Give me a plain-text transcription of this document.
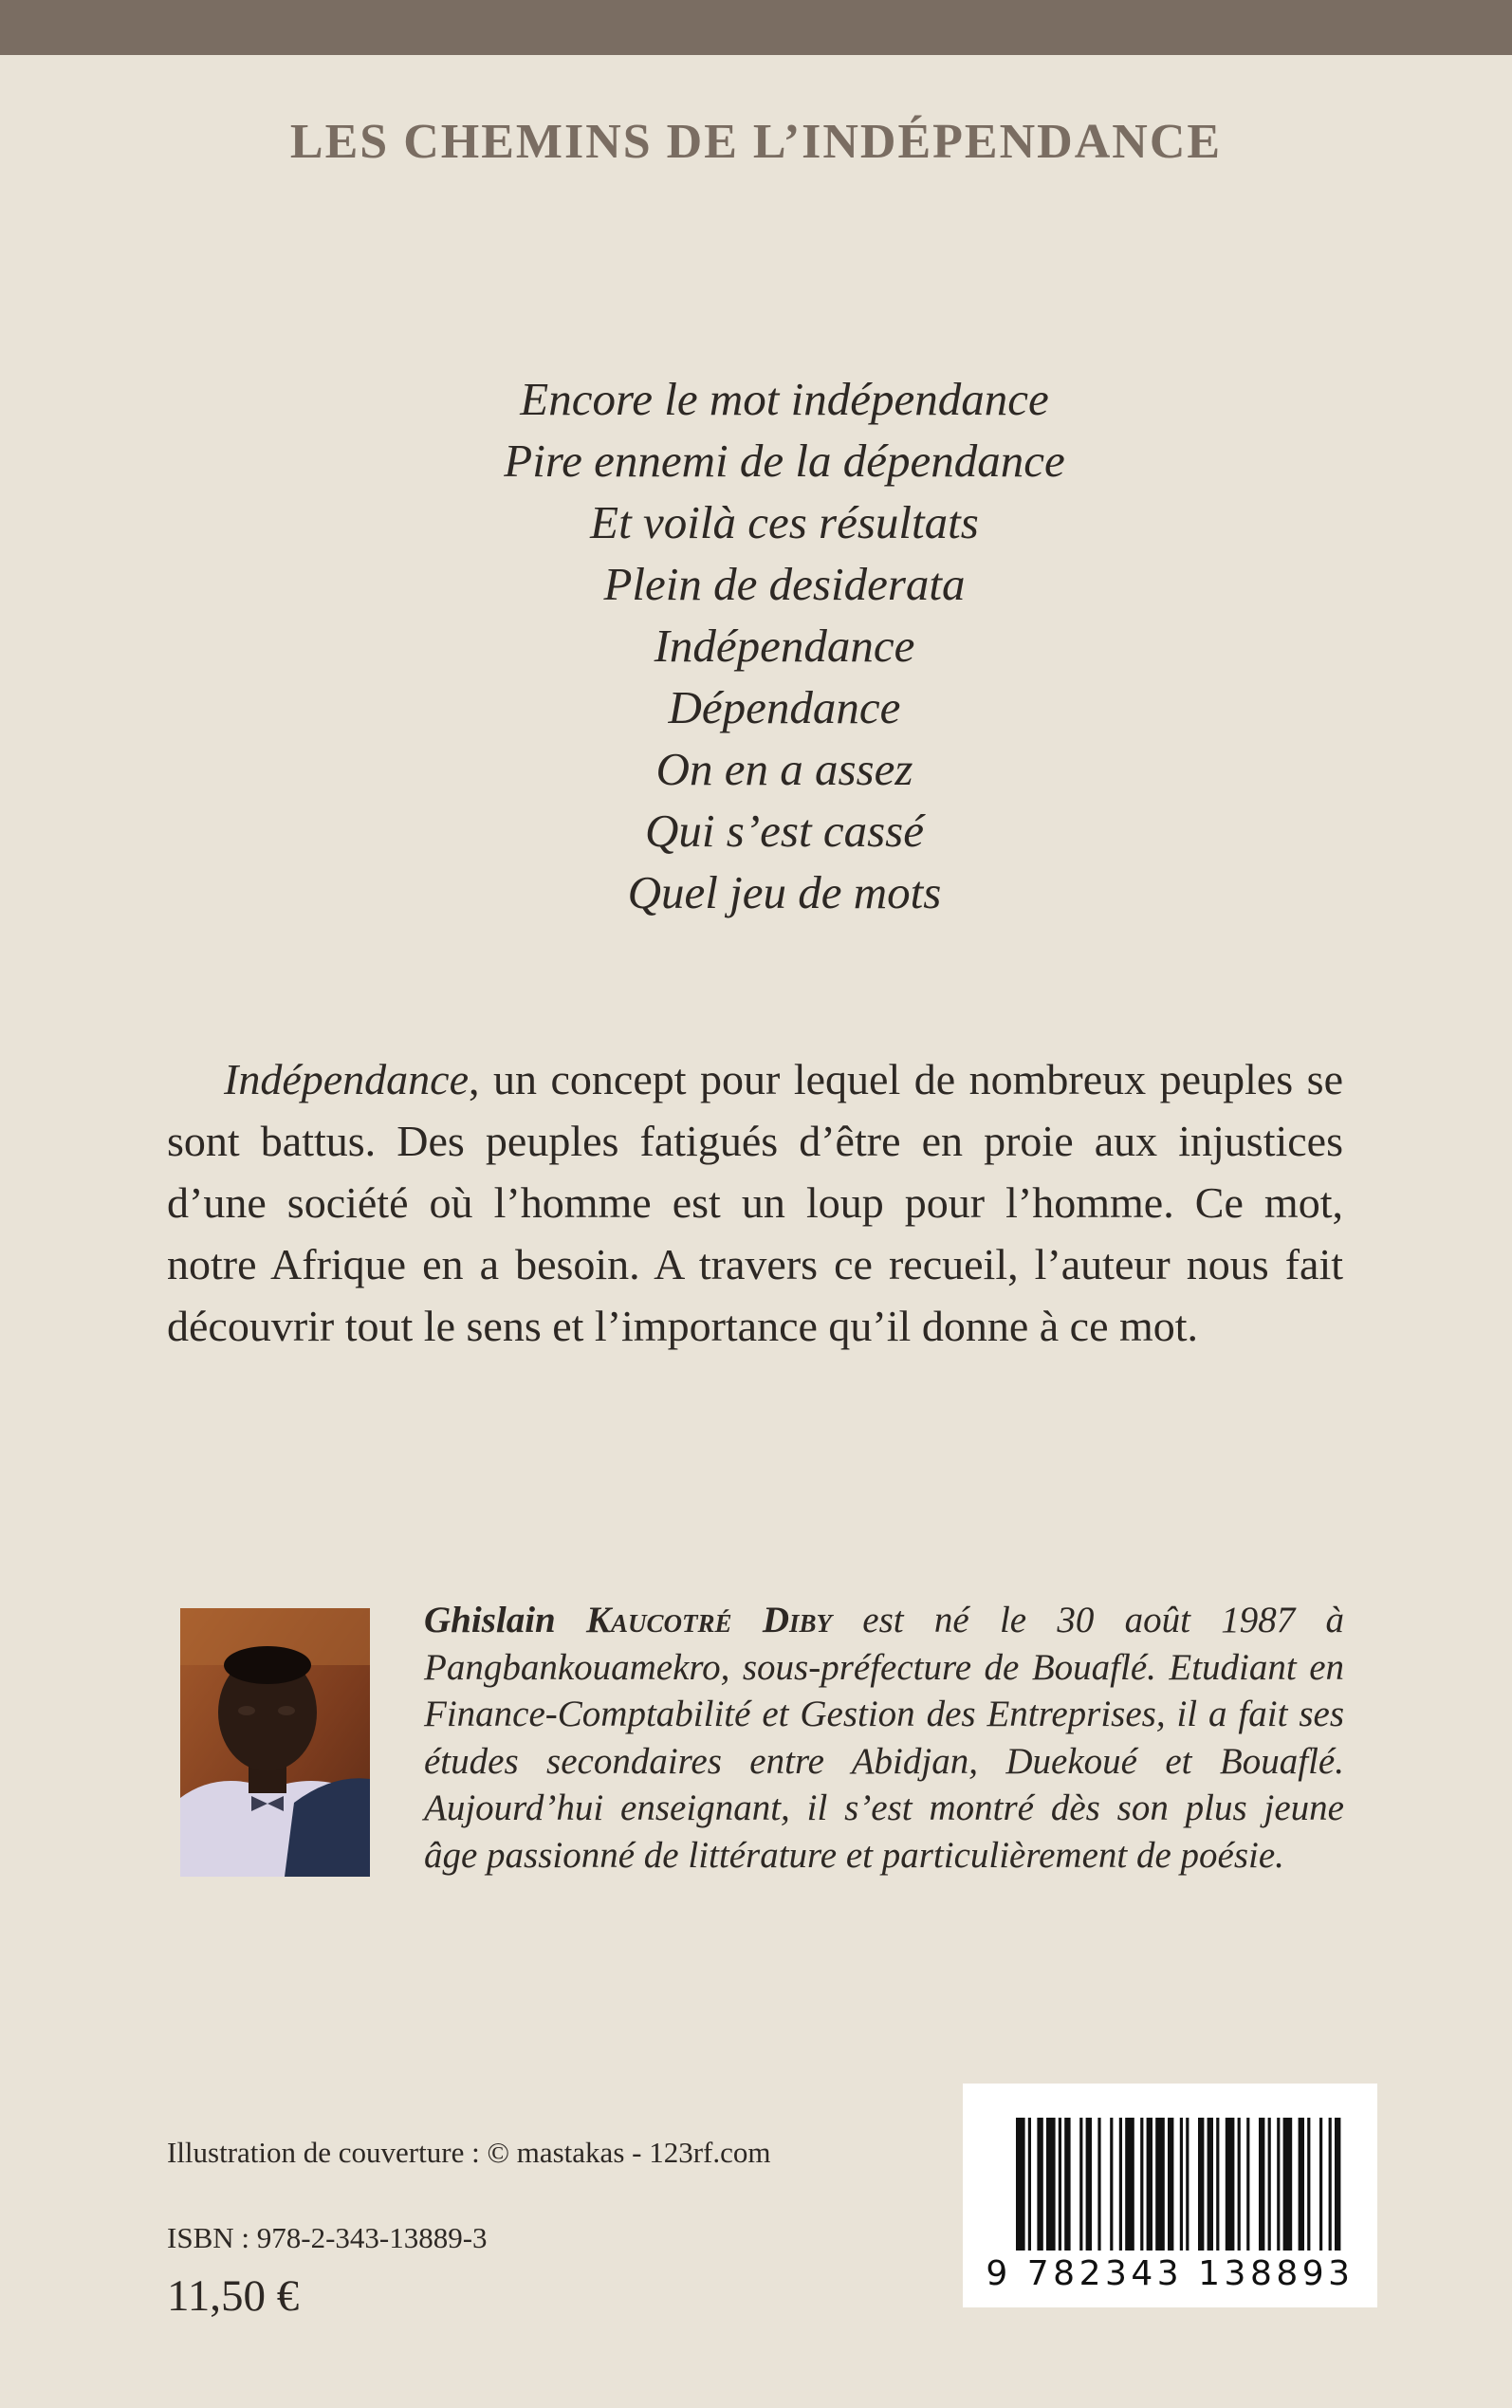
LES CHEMINS DE L’INDÉPENDANCE
Encore le mot indépendance
Pire ennemi de la dépendance
Et voilà ces résultats
Plein de desiderata
Indépendance
Dépendance
On en a assez
Qui s’est cassé
Quel jeu de mots

Indépendance, un concept pour lequel de nombreux peuples se sont battus. Des peuples fatigués d’être en proie aux injustices d’une société où l’homme est un loup pour l’homme. Ce mot, notre Afrique en a besoin. A travers ce recueil, l’auteur nous fait découvrir tout le sens et l’importance qu’il donne à ce mot.

Ghislain Kaucotré Diby est né le 30 août 1987 à Pangbankouamekro, sous-préfecture de Bouaflé. Etudiant en Finance-Comptabilité et Gestion des Entreprises, il a fait ses études secondaires entre Abidjan, Duekoué et Bouaflé. Aujourd’hui enseignant, il s’est montré dès son plus jeune âge passionné de littérature et particulièrement de poésie.
Illustration de couverture : © mastakas - 123rf.com
ISBN : 978-2-343-13889-3
11,50 €	9 782343 138893
